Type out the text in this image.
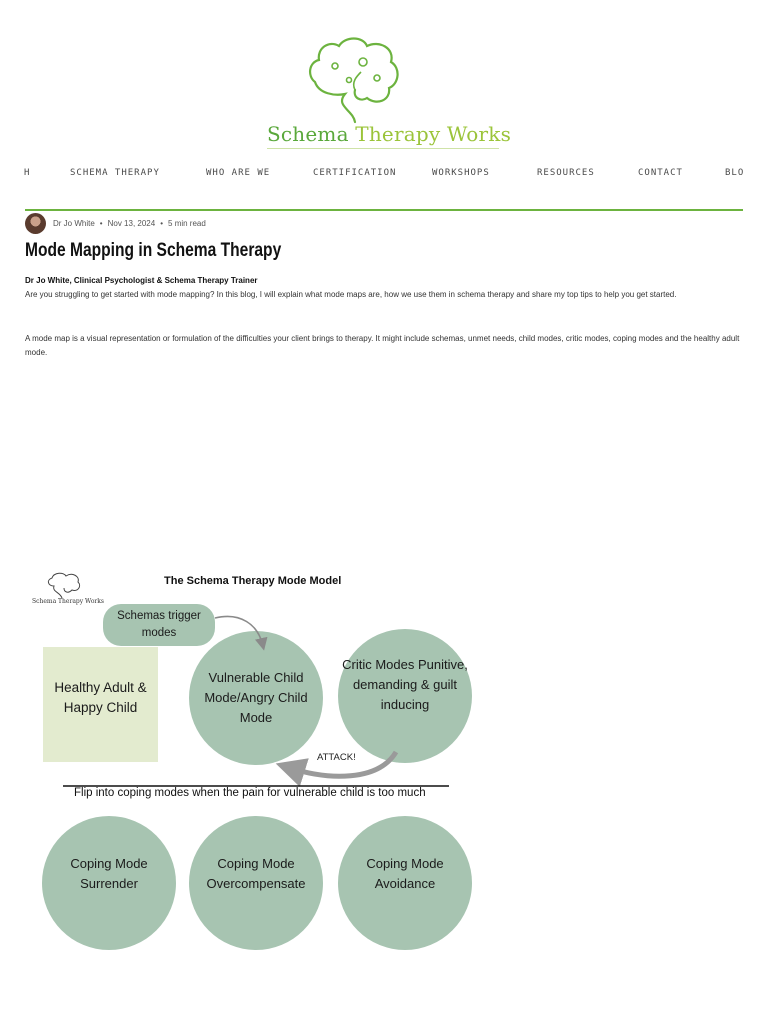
Schema Therapy Works
H	SCHEMA THERAPY	WHO ARE WE	CERTIFICATION	WORKSHOPS	RESOURCES	CONTACT	BLO
Dr Jo White • Nov 13, 2024 • 5 min read
Mode Mapping in Schema Therapy
Dr Jo White, Clinical Psychologist & Schema Therapy Trainer

Are you struggling to get started with mode mapping? In this blog, I will explain what mode maps are, how we use them in schema therapy and share my top tips to help you get started.

A mode map is a visual representation or formulation of the difficulties your client brings to therapy. It might include schemas, unmet needs, child modes, critic modes, coping modes and the healthy adult mode.

Schema Therapy Works
The Schema Therapy Mode Model
Schemas trigger modes
Healthy Adult & Happy Child
Vulnerable Child Mode/Angry Child Mode
Critic Modes Punitive, demanding & guilt inducing
ATTACK!
Flip into coping modes when the pain for vulnerable child is too much
Coping Mode Surrender
Coping Mode Overcompensate
Coping Mode Avoidance
